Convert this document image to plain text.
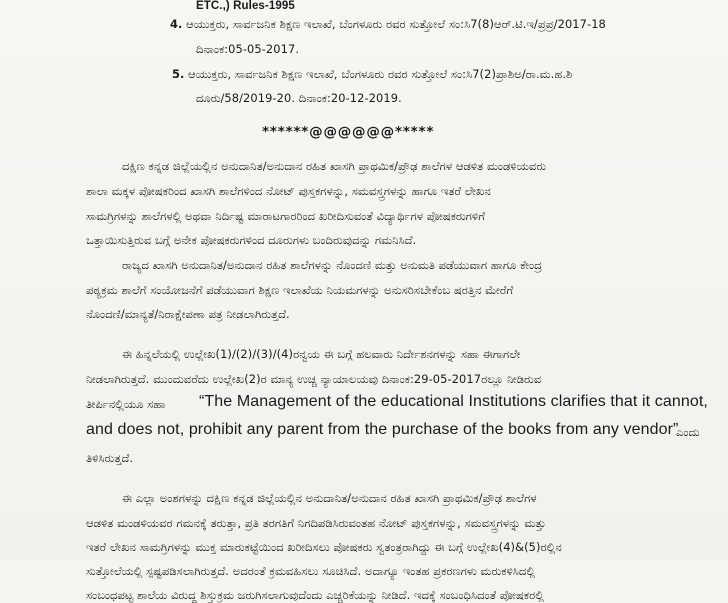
ETC.,) Rules-1995
4. ಆಯುಕ್ತರು, ಸಾರ್ವಜನಿಕ ಶಿಕ್ಷಣ ಇಲಾಖೆ, ಬೆಂಗಳೂರು ರವರ ಸುತ್ತೋಲೆ ಸಂ:ಸಿ7(8)ಆರ್.ಟಿ.ಇ/ಪ್ರಪ್ರ/2017-18
ದಿನಾಂಕ:05-05-2017.
5. ಆಯುಕ್ತರು, ಸಾರ್ವಜನಿಕ ಶಿಕ್ಷಣ ಇಲಾಖೆ, ಬೆಂಗಳೂರು ರವರ ಸುತ್ತೋಲೆ ಸಂ:ಸಿ7(2)ಪ್ರಾಶಿಅ/ರಾ.ಮ.ಹ.ಶಿ
ದೂರು/58/2019-20. ದಿನಾಂಕ:20-12-2019.
******@@@@@@*****
ದಕ್ಷಿಣ ಕನ್ನಡ ಜಿಲ್ಲೆಯಲ್ಲಿನ ಅನುದಾನಿತ/ಅನುದಾನ ರಹಿತ ಖಾಸಗಿ ಪ್ರಾಥಮಿಕ/ಪ್ರೌಢ ಶಾಲೆಗಳ ಆಡಳಿತ ಮಂಡಳಿಯವರು
ಶಾಲಾ ಮಕ್ಕಳ ಪೋಷಕರಿಂದ ಖಾಸಗಿ ಶಾಲೆಗಳಿಂದ ನೋಟ್ ಪುಸ್ತಕಗಳನ್ನು, ಸಮವಸ್ತ್ರಗಳನ್ನು ಹಾಗೂ ಇತರೆ ಲೇಖನ
ಸಾಮಗ್ರಿಗಳನ್ನು ಶಾಲೆಗಳಲ್ಲಿ ಅಥವಾ ನಿರ್ದಿಷ್ಟ ಮಾರಾಟಗಾರರಿಂದ ಖರೀದಿಸುವಂತೆ ವಿದ್ಯಾರ್ಥಿಗಳ ಪೋಷಕರುಗಳಿಗೆ
ಒತ್ತಾಯಿಸುತ್ತಿರುವ ಬಗ್ಗೆ ಅನೇಕ ಪೋಷಕರುಗಳಿಂದ ದೂರುಗಳು ಬಂದಿರುವುದನ್ನು ಗಮನಿಸಿದೆ.
ರಾಜ್ಯದ ಖಾಸಗಿ ಅನುದಾನಿತ/ಅನುದಾನ ರಹಿತ ಶಾಲೆಗಳನ್ನು ನೊಂದಣಿ ಮತ್ತು ಅನುಮತಿ ಪಡೆಯುವಾಗ ಹಾಗೂ ಕೇಂದ್ರ
ಪಠ್ಯಕ್ರಮ ಶಾಲೆಗೆ ಸಂಯೋಜನೆಗೆ ಪಡೆಯುವಾಗ ಶಿಕ್ಷಣ ಇಲಾಖೆಯ ನಿಯಮಗಳನ್ನು ಅನುಸರಿಸಬೇಕೆಂಬ ಷರತ್ತಿನ ಮೇರೆಗೆ
ನೊಂದಣಿ/ಮಾನ್ಯತೆ/ನಿರಾಕ್ಷೇಪಣಾ ಪತ್ರ ನೀಡಲಾಗಿರುತ್ತದೆ.
ಈ ಹಿನ್ನಲೆಯಲ್ಲಿ ಉಲ್ಲೇಖ(1)/(2)/(3)/(4)ರನ್ವಯ ಈ ಬಗ್ಗೆ ಹಲವಾರು ನಿರ್ದೇಶನಗಳನ್ನು ಸಹಾ ಈಗಾಗಲೇ
ನೀಡಲಾಗಿರುತ್ತದೆ. ಮುಂದುವರೆದು ಉಲ್ಲೇಖ(2)ರ ಮಾನ್ಯ ಉಚ್ಚ ನ್ಯಾಯಾಲಯವು ದಿನಾಂಕ:29-05-2017ರಲ್ಲೂ ನೀಡಿರುವ
ತೀರ್ಪಿನಲ್ಲಿಯೂ ಸಹಾ “The Management of the educational Institutions clarifies that it cannot,
and does not, prohibit any parent from the purchase of the books from any vendor”
ಎಂದು
ತಿಳಿಸಿರುತ್ತದೆ.
ಈ ಎಲ್ಲಾ ಅಂಶಗಳನ್ನು ದಕ್ಷಿಣ ಕನ್ನಡ ಜಿಲ್ಲೆಯಲ್ಲಿನ ಅನುದಾನಿತ/ಅನುದಾನ ರಹಿತ ಖಾಸಗಿ ಪ್ರಾಥಮಿಕ/ಪ್ರೌಢ ಶಾಲೆಗಳ
ಆಡಳಿತ ಮಂಡಳಿಯವರ ಗಮನಕ್ಕೆ ತರುತ್ತಾ, ಪ್ರತಿ ತರಗತಿಗೆ ನಿಗದಿಪಡಿಸಿರುವಂತಹ ನೋಟ್ ಪುಸ್ತಕಗಳನ್ನು, ಸಮವಸ್ತ್ರಗಳನ್ನು ಮತ್ತು
ಇತರೆ ಲೇಖನ ಸಾಮಗ್ರಿಗಳನ್ನು ಮುಕ್ತ ಮಾರುಕಟ್ಟೆಯಿಂದ ಖರೀದಿಸಲು ಪೋಷಕರು ಸ್ವತಂತ್ರರಾಗಿದ್ದು ಈ ಬಗ್ಗೆ ಉಲ್ಲೇಖ(4)&(5)ರಲ್ಲಿನ
ಸುತ್ತೋಲೆಯಲ್ಲಿ ಸ್ಪಷ್ಟಪಡಿಸಲಾಗಿರುತ್ತದೆ. ಅದರಂತೆ ಕ್ರಮವಹಿಸಲು ಸೂಚಿಸಿದೆ. ಅದಾಗ್ಯೂ ಇಂತಹ ಪ್ರಕರಣಗಳು ಮರುಕಳಿಸಿದಲ್ಲಿ
ಸಂಬಂಧಪಟ್ಟ ಶಾಲೆಯ ವಿರುದ್ಧ ಶಿಸ್ತುಕ್ರಮ ಜರುಗಿಸಲಾಗುವುದೆಂದು ಎಚ್ಚರಿಕೆಯನ್ನು ನೀಡಿದೆ. ಇದಕ್ಕೆ ಸಂಬಂಧಿಸಿದಂತೆ ಪೋಷಕರಲ್ಲಿ
